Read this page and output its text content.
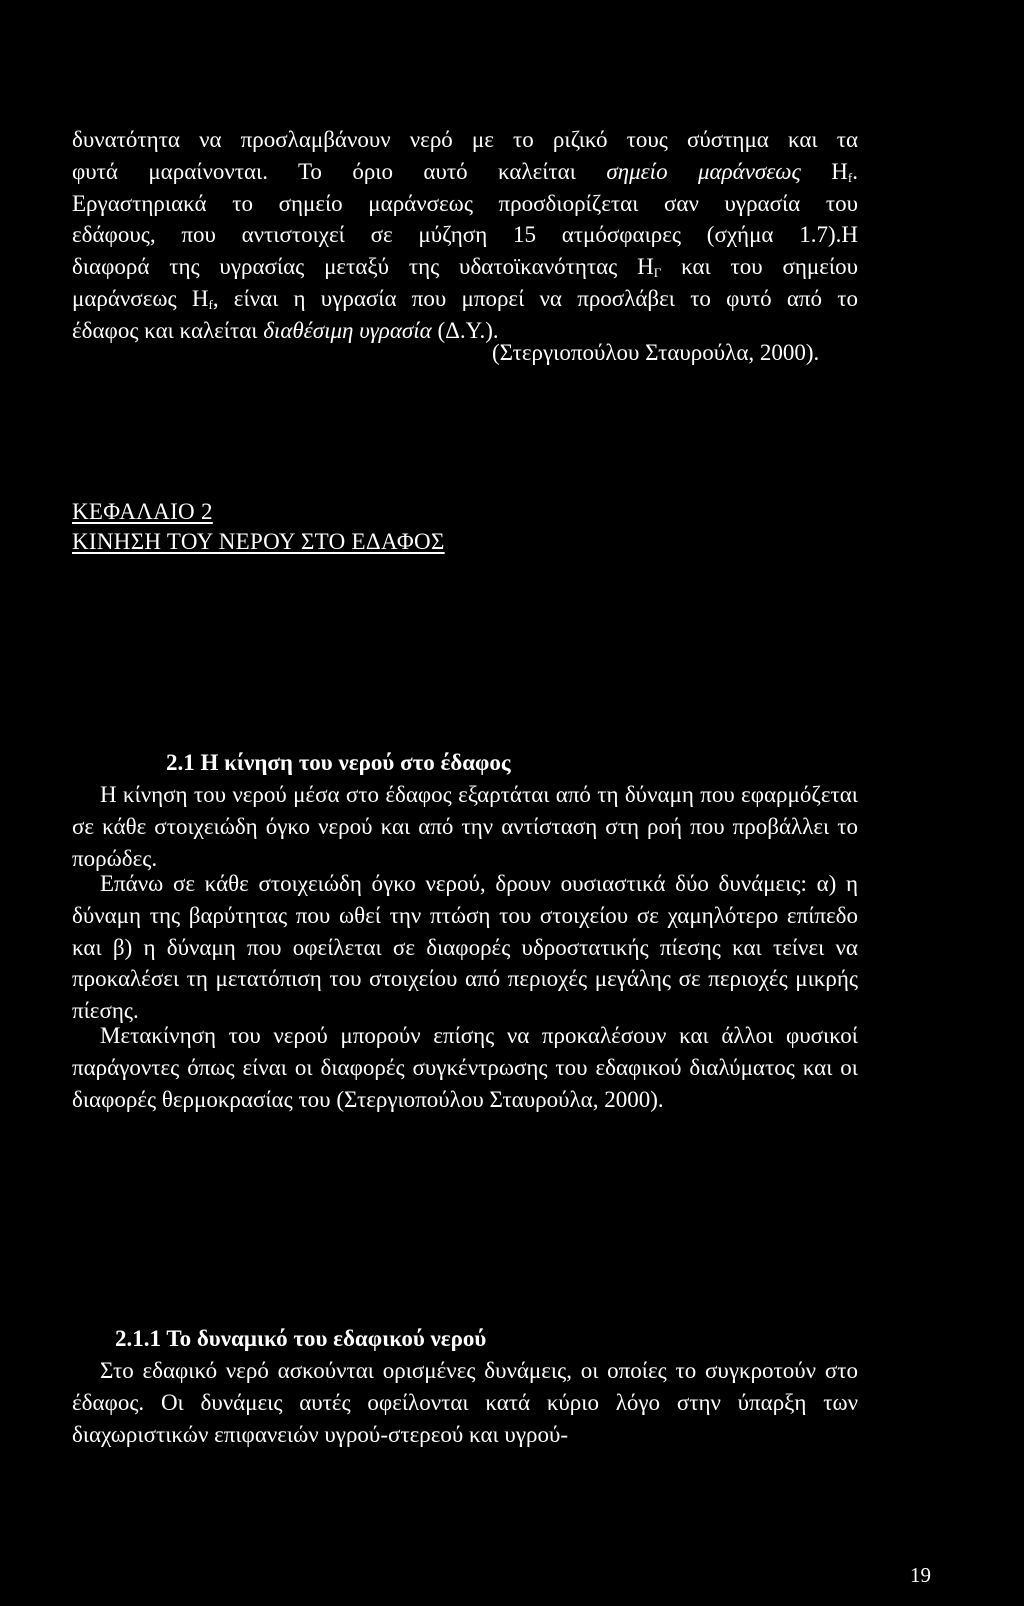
δυνατότητα να προσλαμβάνουν νερό με το ριζικό τους σύστημα και τα
φυτά μαραίνονται. Το όριο αυτό καλείται σημείο μαράνσεως $H_f$.
Εργαστηριακά το σημείο μαράνσεως προσδιορίζεται σαν υγρασία του
εδάφους, που αντιστοιχεί σε μύζηση 15 ατμόσφαιρες (σχήμα 1.7).Η
διαφορά της υγρασίας μεταξύ της υδατοϊκανότητας $H_\Gamma$ και του σημείου
μαράνσεως $H_f$, είναι η υγρασία που μπορεί να προσλάβει το φυτό από το
έδαφος και καλείται διαθέσιμη υγρασία (Δ.Υ.).
(Στεργιοπούλου Σταυρούλα, 2000).
ΚΕΦΑΛΑΙΟ 2
ΚΙΝΗΣΗ ΤΟΥ ΝΕΡΟΥ ΣΤΟ ΕΔΑΦΟΣ
2.1 Η κίνηση του νερού στο έδαφος
Η κίνηση του νερού μέσα στο έδαφος εξαρτάται από τη δύναμη που εφαρμόζεται σε κάθε στοιχειώδη όγκο νερού και από την αντίσταση στη ροή που προβάλλει το πορώδες.
Επάνω σε κάθε στοιχειώδη όγκο νερού, δρουν ουσιαστικά δύο δυνάμεις: α) η δύναμη της βαρύτητας που ωθεί την πτώση του στοιχείου σε χαμηλότερο επίπεδο και β) η δύναμη που οφείλεται σε διαφορές υδροστατικής πίεσης και τείνει να προκαλέσει τη μετατόπιση του στοιχείου από περιοχές μεγάλης σε περιοχές μικρής πίεσης.
Μετακίνηση του νερού μπορούν επίσης να προκαλέσουν και άλλοι φυσικοί παράγοντες όπως είναι οι διαφορές συγκέντρωσης του εδαφικού διαλύματος και οι διαφορές θερμοκρασίας του (Στεργιοπούλου Σταυρούλα, 2000).
2.1.1 Το δυναμικό του εδαφικού νερού
Στο εδαφικό νερό ασκούνται ορισμένες δυνάμεις, οι οποίες το συγκροτούν στο έδαφος. Οι δυνάμεις αυτές οφείλονται κατά κύριο λόγο στην ύπαρξη των διαχωριστικών επιφανειών υγρού-στερεού και υγρού-
19
